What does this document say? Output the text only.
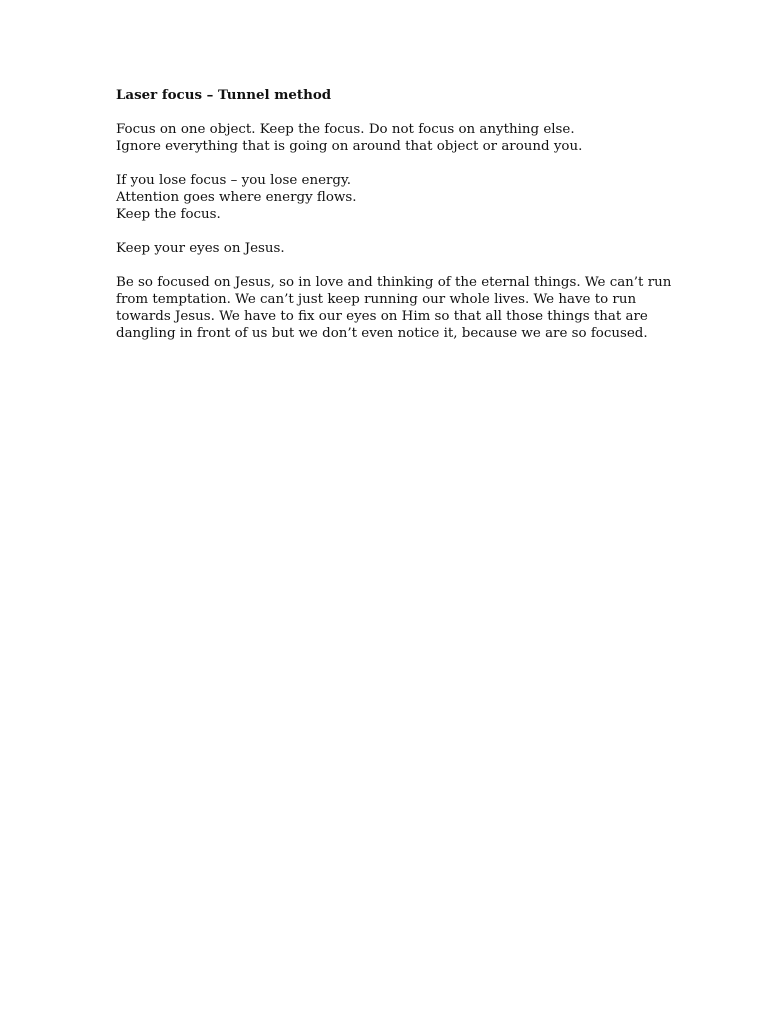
Laser focus – Tunnel method
Focus on one object. Keep the focus. Do not focus on anything else.
Ignore everything that is going on around that object or around you.
If you lose focus – you lose energy.
Attention goes where energy flows.
Keep the focus.
Keep your eyes on Jesus.
Be so focused on Jesus, so in love and thinking of the eternal things. We can’t run
from temptation. We can’t just keep running our whole lives. We have to run
towards Jesus. We have to fix our eyes on Him so that all those things that are
dangling in front of us but we don’t even notice it, because we are so focused.
